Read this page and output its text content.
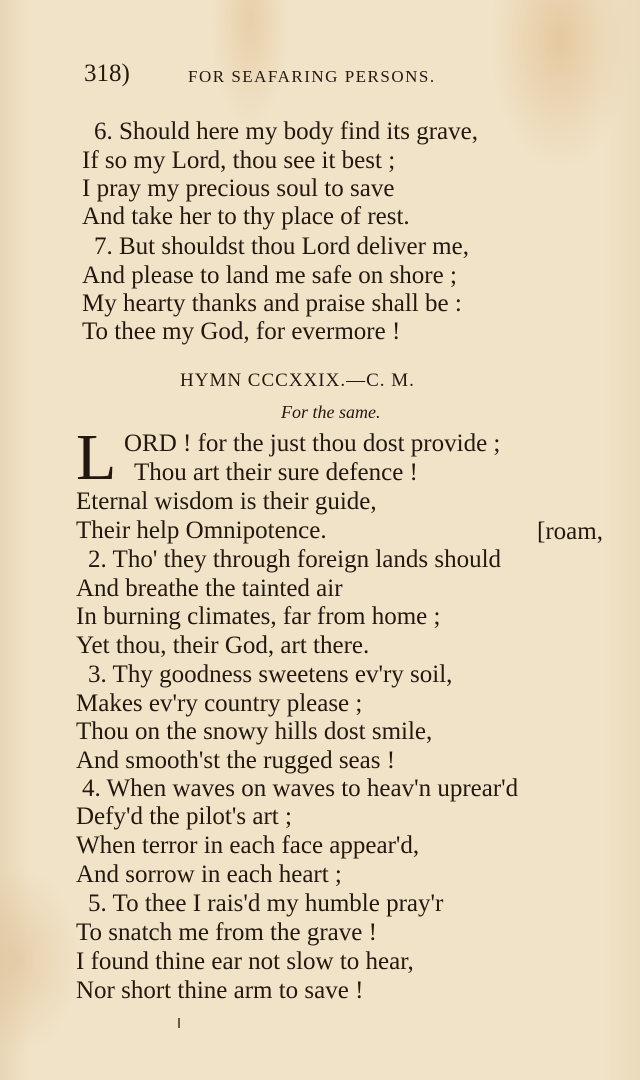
318)	FOR SEAFARING PERSONS.
6. Should here my body find its grave,
If so my Lord, thou see it best ;
I pray my precious soul to save
And take her to thy place of rest.
7. But shouldst thou Lord deliver me,
And please to land me safe on shore ;
My hearty thanks and praise shall be :
To thee my God, for evermore !
HYMN CCCXXIX.—C. M.
For the same.
L ORD ! for the just thou dost provide ;
Thou art their sure defence !
Eternal wisdom is their guide,
Their help Omnipotence.
2. Tho' they through foreign lands should
And breathe the tainted air
In burning climates, far from home ;
Yet thou, their God, art there.
3. Thy goodness sweetens ev'ry soil,
Makes ev'ry country please ;
Thou on the snowy hills dost smile,
And smooth'st the rugged seas !
4. When waves on waves to heav'n uprear'd
Defy'd the pilot's art ;
When terror in each face appear'd,
And sorrow in each heart ;
5. To thee I rais'd my humble pray'r
To snatch me from the grave !
I found thine ear not slow to hear,
Nor short thine arm to save !
[roam,
